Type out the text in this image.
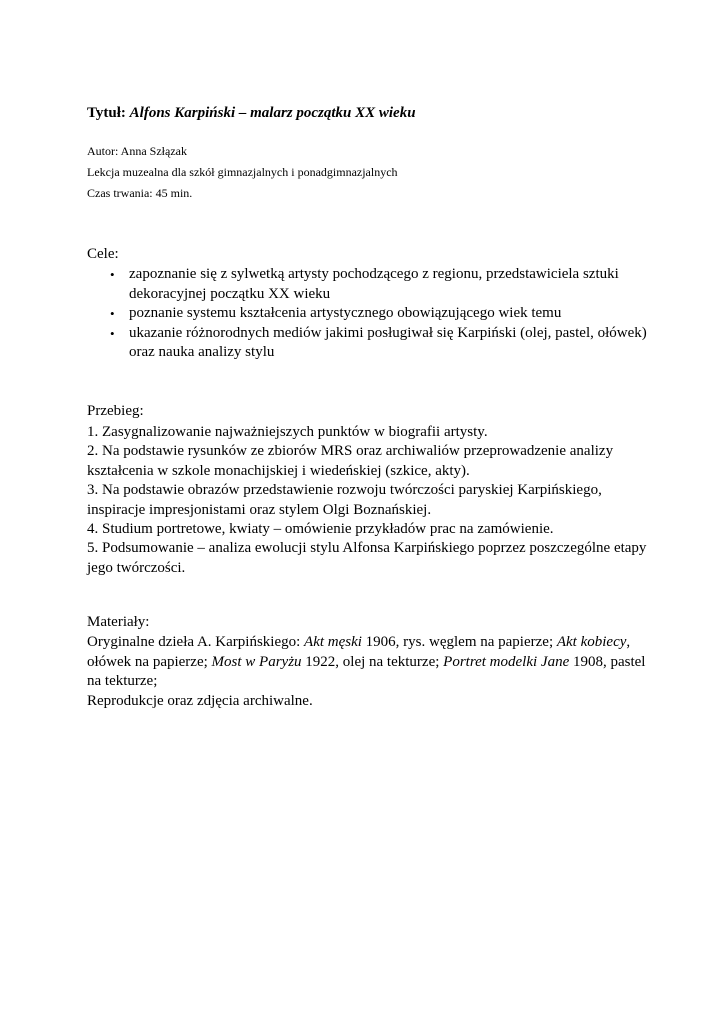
Tytuł: Alfons Karpiński – malarz początku XX wieku
Autor: Anna Szłązak
Lekcja muzealna dla szkół gimnazjalnych i ponadgimnazjalnych
Czas trwania: 45 min.
Cele:
• zapoznanie się z sylwetką artysty pochodzącego z regionu, przedstawiciela sztuki dekoracyjnej początku XX wieku
• poznanie systemu kształcenia artystycznego obowiązującego wiek temu
• ukazanie różnorodnych mediów jakimi posługiwał się Karpiński (olej, pastel, ołówek) oraz nauka analizy stylu
Przebieg:

1. Zasygnalizowanie najważniejszych punktów w biografii artysty.

2. Na podstawie rysunków ze zbiorów MRS oraz archiwaliów przeprowadzenie analizy kształcenia w szkole monachijskiej i wiedeńskiej (szkice, akty).

3. Na podstawie obrazów przedstawienie rozwoju twórczości paryskiej Karpińskiego, inspiracje impresjonistami oraz stylem Olgi Boznańskiej.

4. Studium portretowe, kwiaty – omówienie przykładów prac na zamówienie.

5. Podsumowanie – analiza ewolucji stylu Alfonsa Karpińskiego poprzez poszczególne etapy jego twórczości.

Materiały:

Oryginalne dzieła A. Karpińskiego: Akt męski 1906, rys. węglem na papierze; Akt kobiecy, ołówek na papierze; Most w Paryżu 1922, olej na tekturze; Portret modelki Jane 1908, pastel na tekturze;

Reprodukcje oraz zdjęcia archiwalne.
